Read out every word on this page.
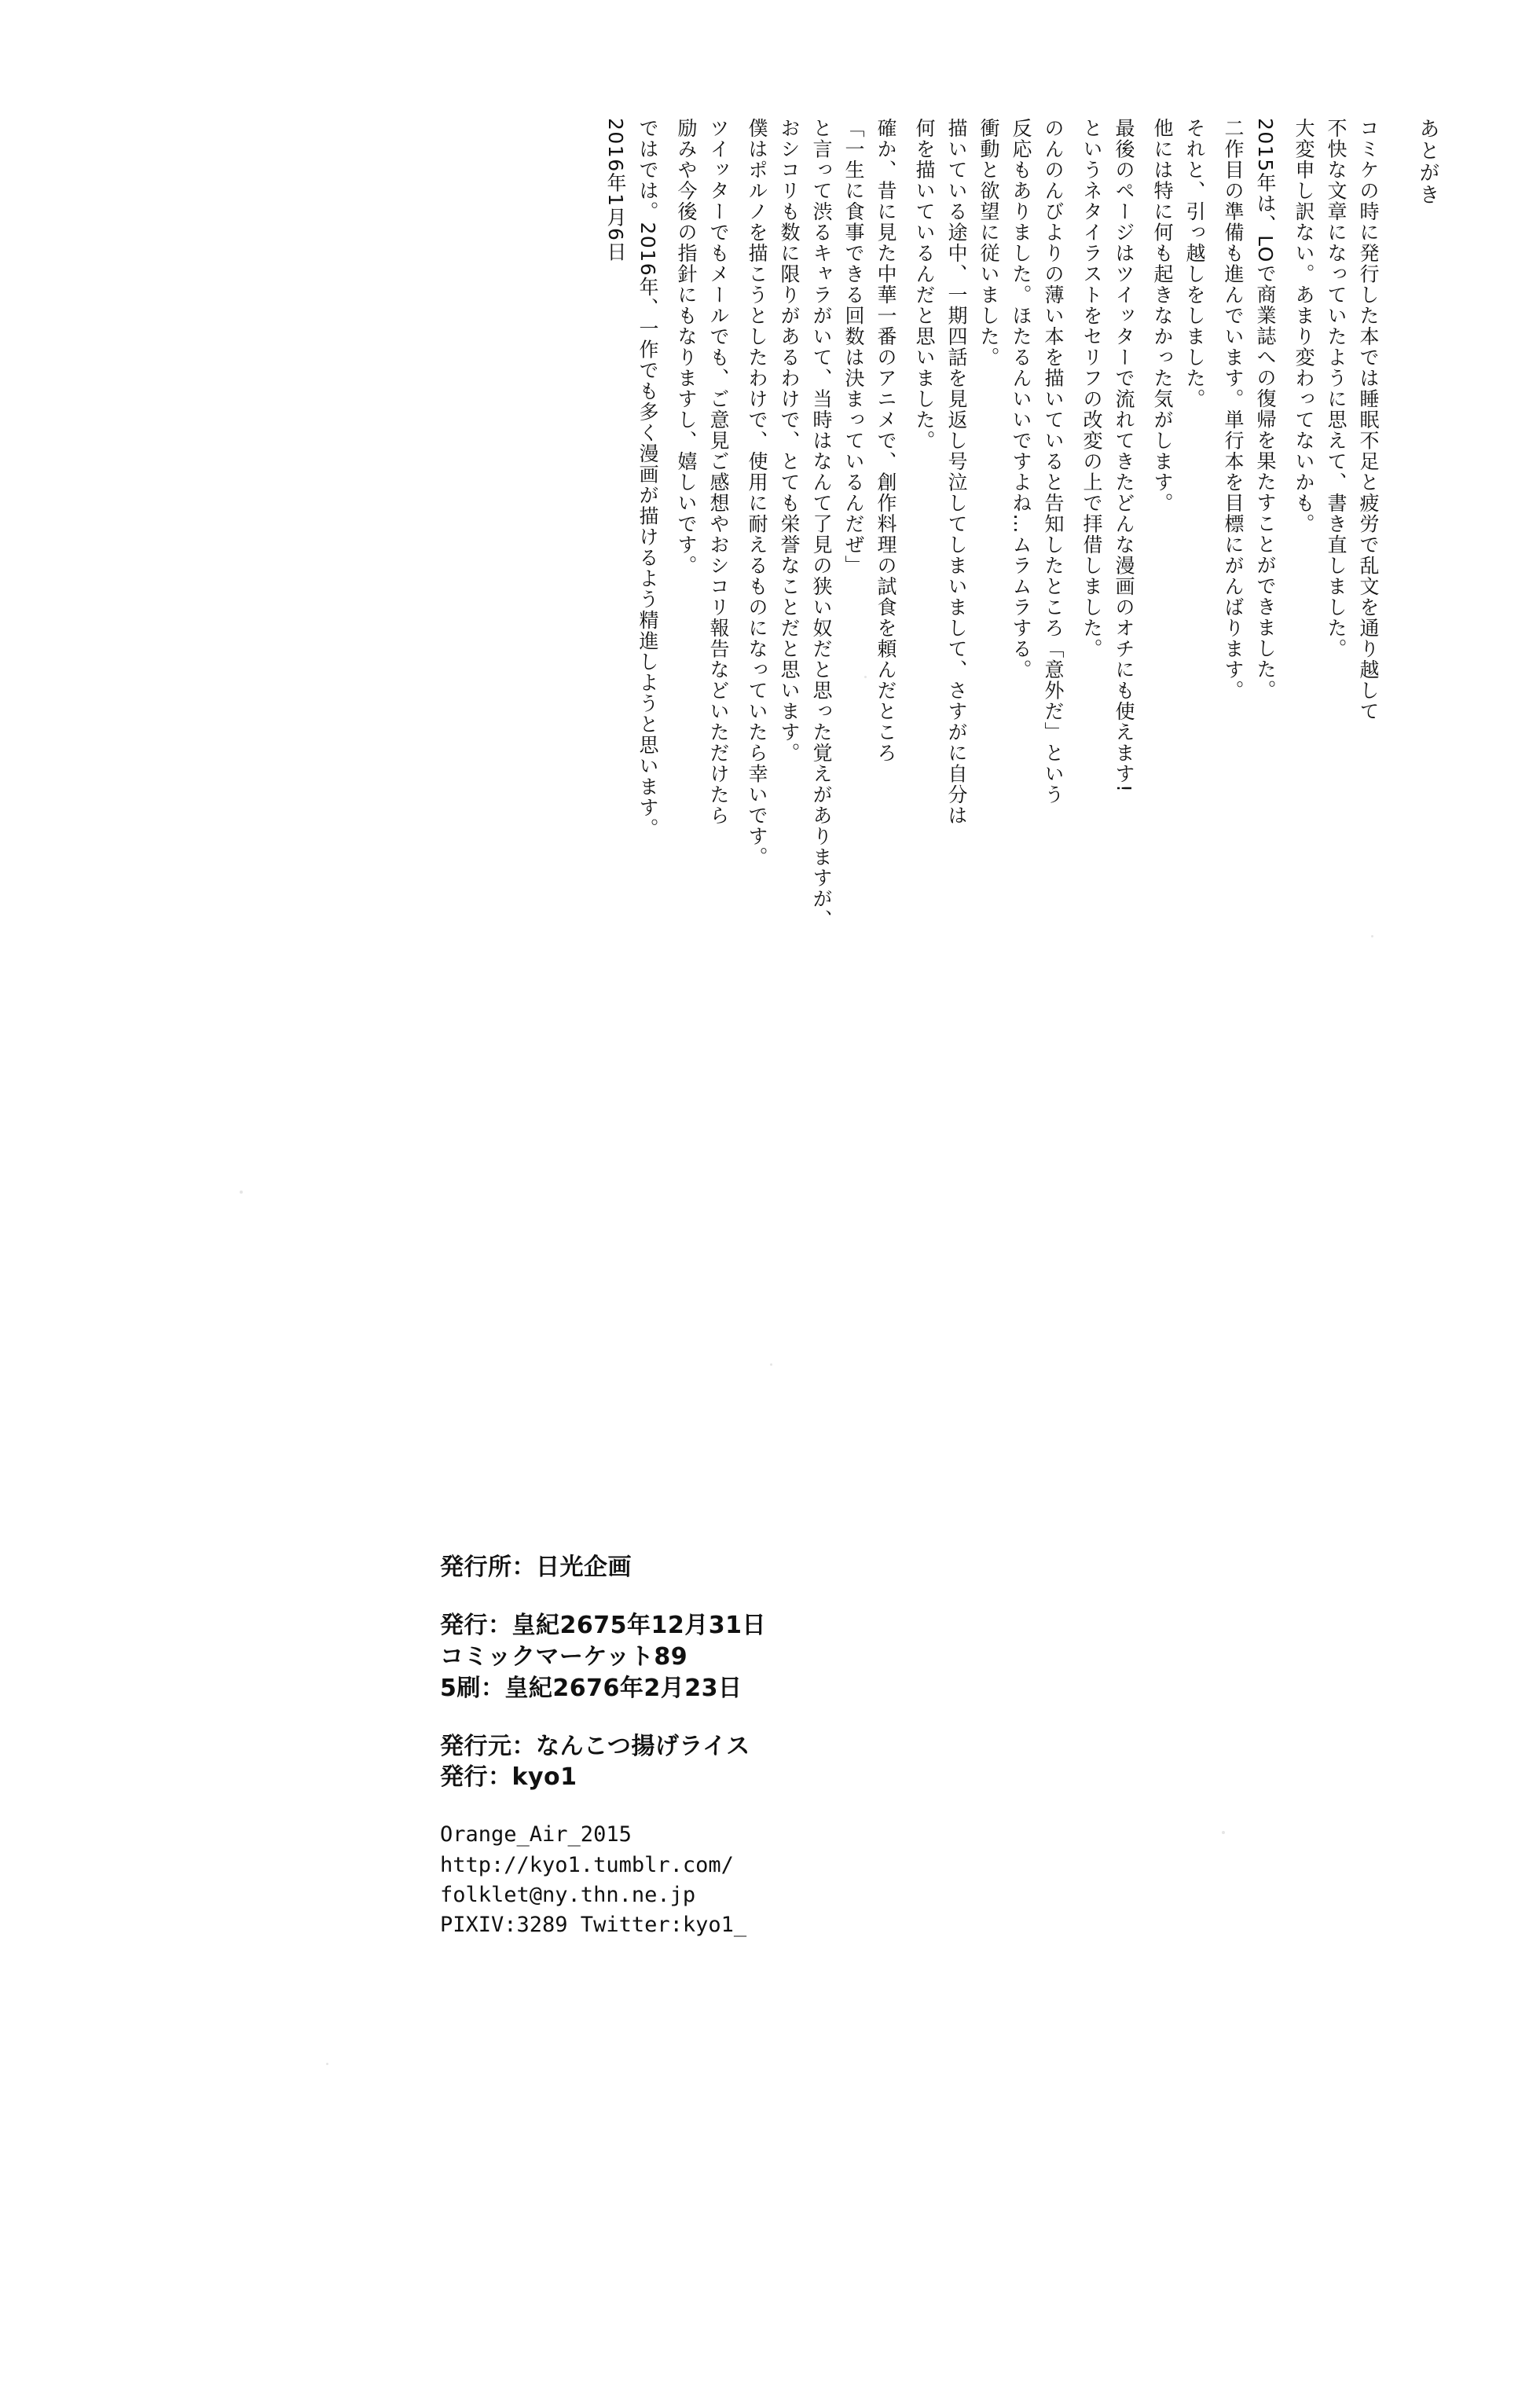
あとがき
コミケの時に発行した本では睡眠不足と疲労で乱文を通り越して
不快な文章になっていたように思えて、書き直しました。
大変申し訳ない。あまり変わってないかも。
2015年は、LOで商業誌への復帰を果たすことができました。
二作目の準備も進んでいます。単行本を目標にがんばります。
それと、引っ越しをしました。
他には特に何も起きなかった気がします。
最後のページはツイッターで流れてきたどんな漫画のオチにも使えます!
というネタイラストをセリフの改変の上で拝借しました。
のんのんびよりの薄い本を描いていると告知したところ「意外だ」という
反応もありました。ほたるんいいですよね…ムラムラする。
衝動と欲望に従いました。
描いている途中、一期四話を見返し号泣してしまいまして、さすがに自分は
何を描いているんだと思いました。
確か、昔に見た中華一番のアニメで、創作料理の試食を頼んだところ
「一生に食事できる回数は決まっているんだぜ」
と言って渋るキャラがいて、当時はなんて了見の狭い奴だと思った覚えがありますが、
おシコリも数に限りがあるわけで、とても栄誉なことだと思います。
僕はポルノを描こうとしたわけで、使用に耐えるものになっていたら幸いです。
ツイッターでもメールでも、ご意見ご感想やおシコリ報告などいただけたら
励みや今後の指針にもなりますし、嬉しいです。
ではでは。2016年、一作でも多く漫画が描けるよう精進しようと思います。
2016年1月6日
発行所：日光企画
発行：皇紀2675年12月31日
コミックマーケット89
5刷：皇紀2676年2月23日
発行元：なんこつ揚げライス
発行：kyo1
Orange_Air_2015
http://kyo1.tumblr.com/
folklet@ny.thn.ne.jp
PIXIV:3289 Twitter:kyo1_
